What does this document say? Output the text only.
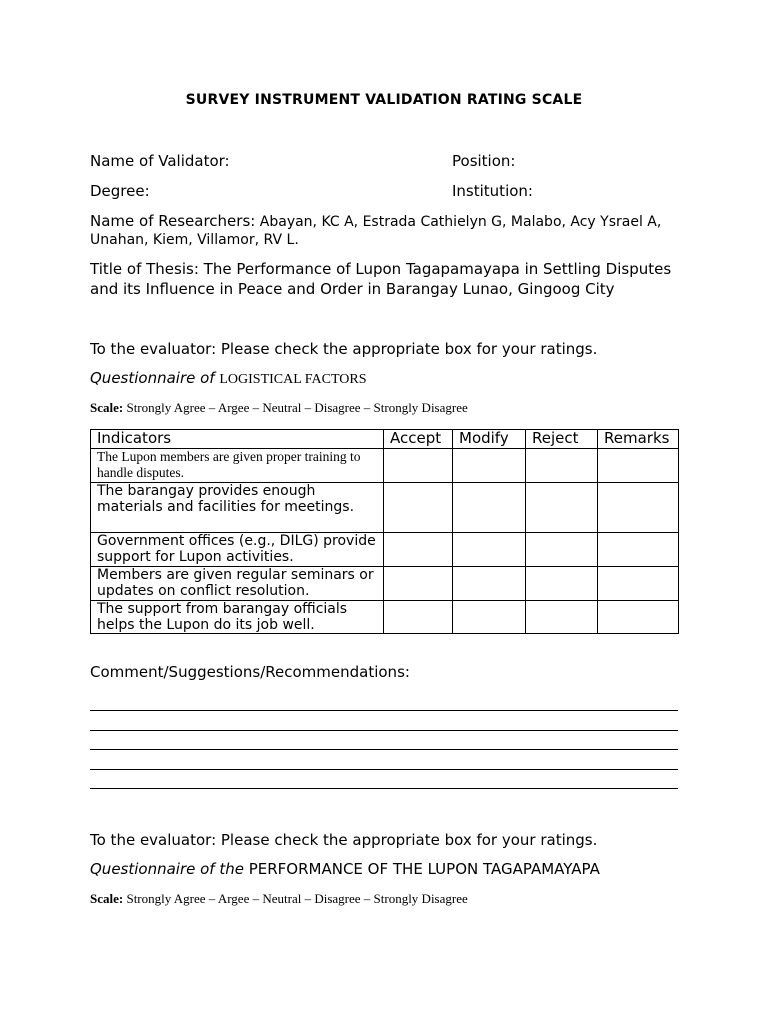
SURVEY INSTRUMENT VALIDATION RATING SCALE
Name of Validator:	Position:
Degree:	Institution:
Name of Researchers: Abayan, KC A, Estrada Cathielyn G, Malabo, Acy Ysrael A,
Unahan, Kiem, Villamor, RV L.
Title of Thesis: The Performance of Lupon Tagapamayapa in Settling Disputes
and its Influence in Peace and Order in Barangay Lunao, Gingoog City
To the evaluator: Please check the appropriate box for your ratings.
Questionnaire of LOGISTICAL FACTORS
Scale: Strongly Agree – Argee – Neutral – Disagree – Strongly Disagree
Indicators	Accept	Modify	Reject	Remarks
The Lupon members are given proper training to handle disputes.				
The barangay provides enough materials and facilities for meetings.				
Government offices (e.g., DILG) provide support for Lupon activities.				
Members are given regular seminars or updates on conflict resolution.				
The support from barangay officials helps the Lupon do its job well.				
Comment/Suggestions/Recommendations:
To the evaluator: Please check the appropriate box for your ratings.
Questionnaire of the PERFORMANCE OF THE LUPON TAGAPAMAYAPA
Scale: Strongly Agree – Argee – Neutral – Disagree – Strongly Disagree
